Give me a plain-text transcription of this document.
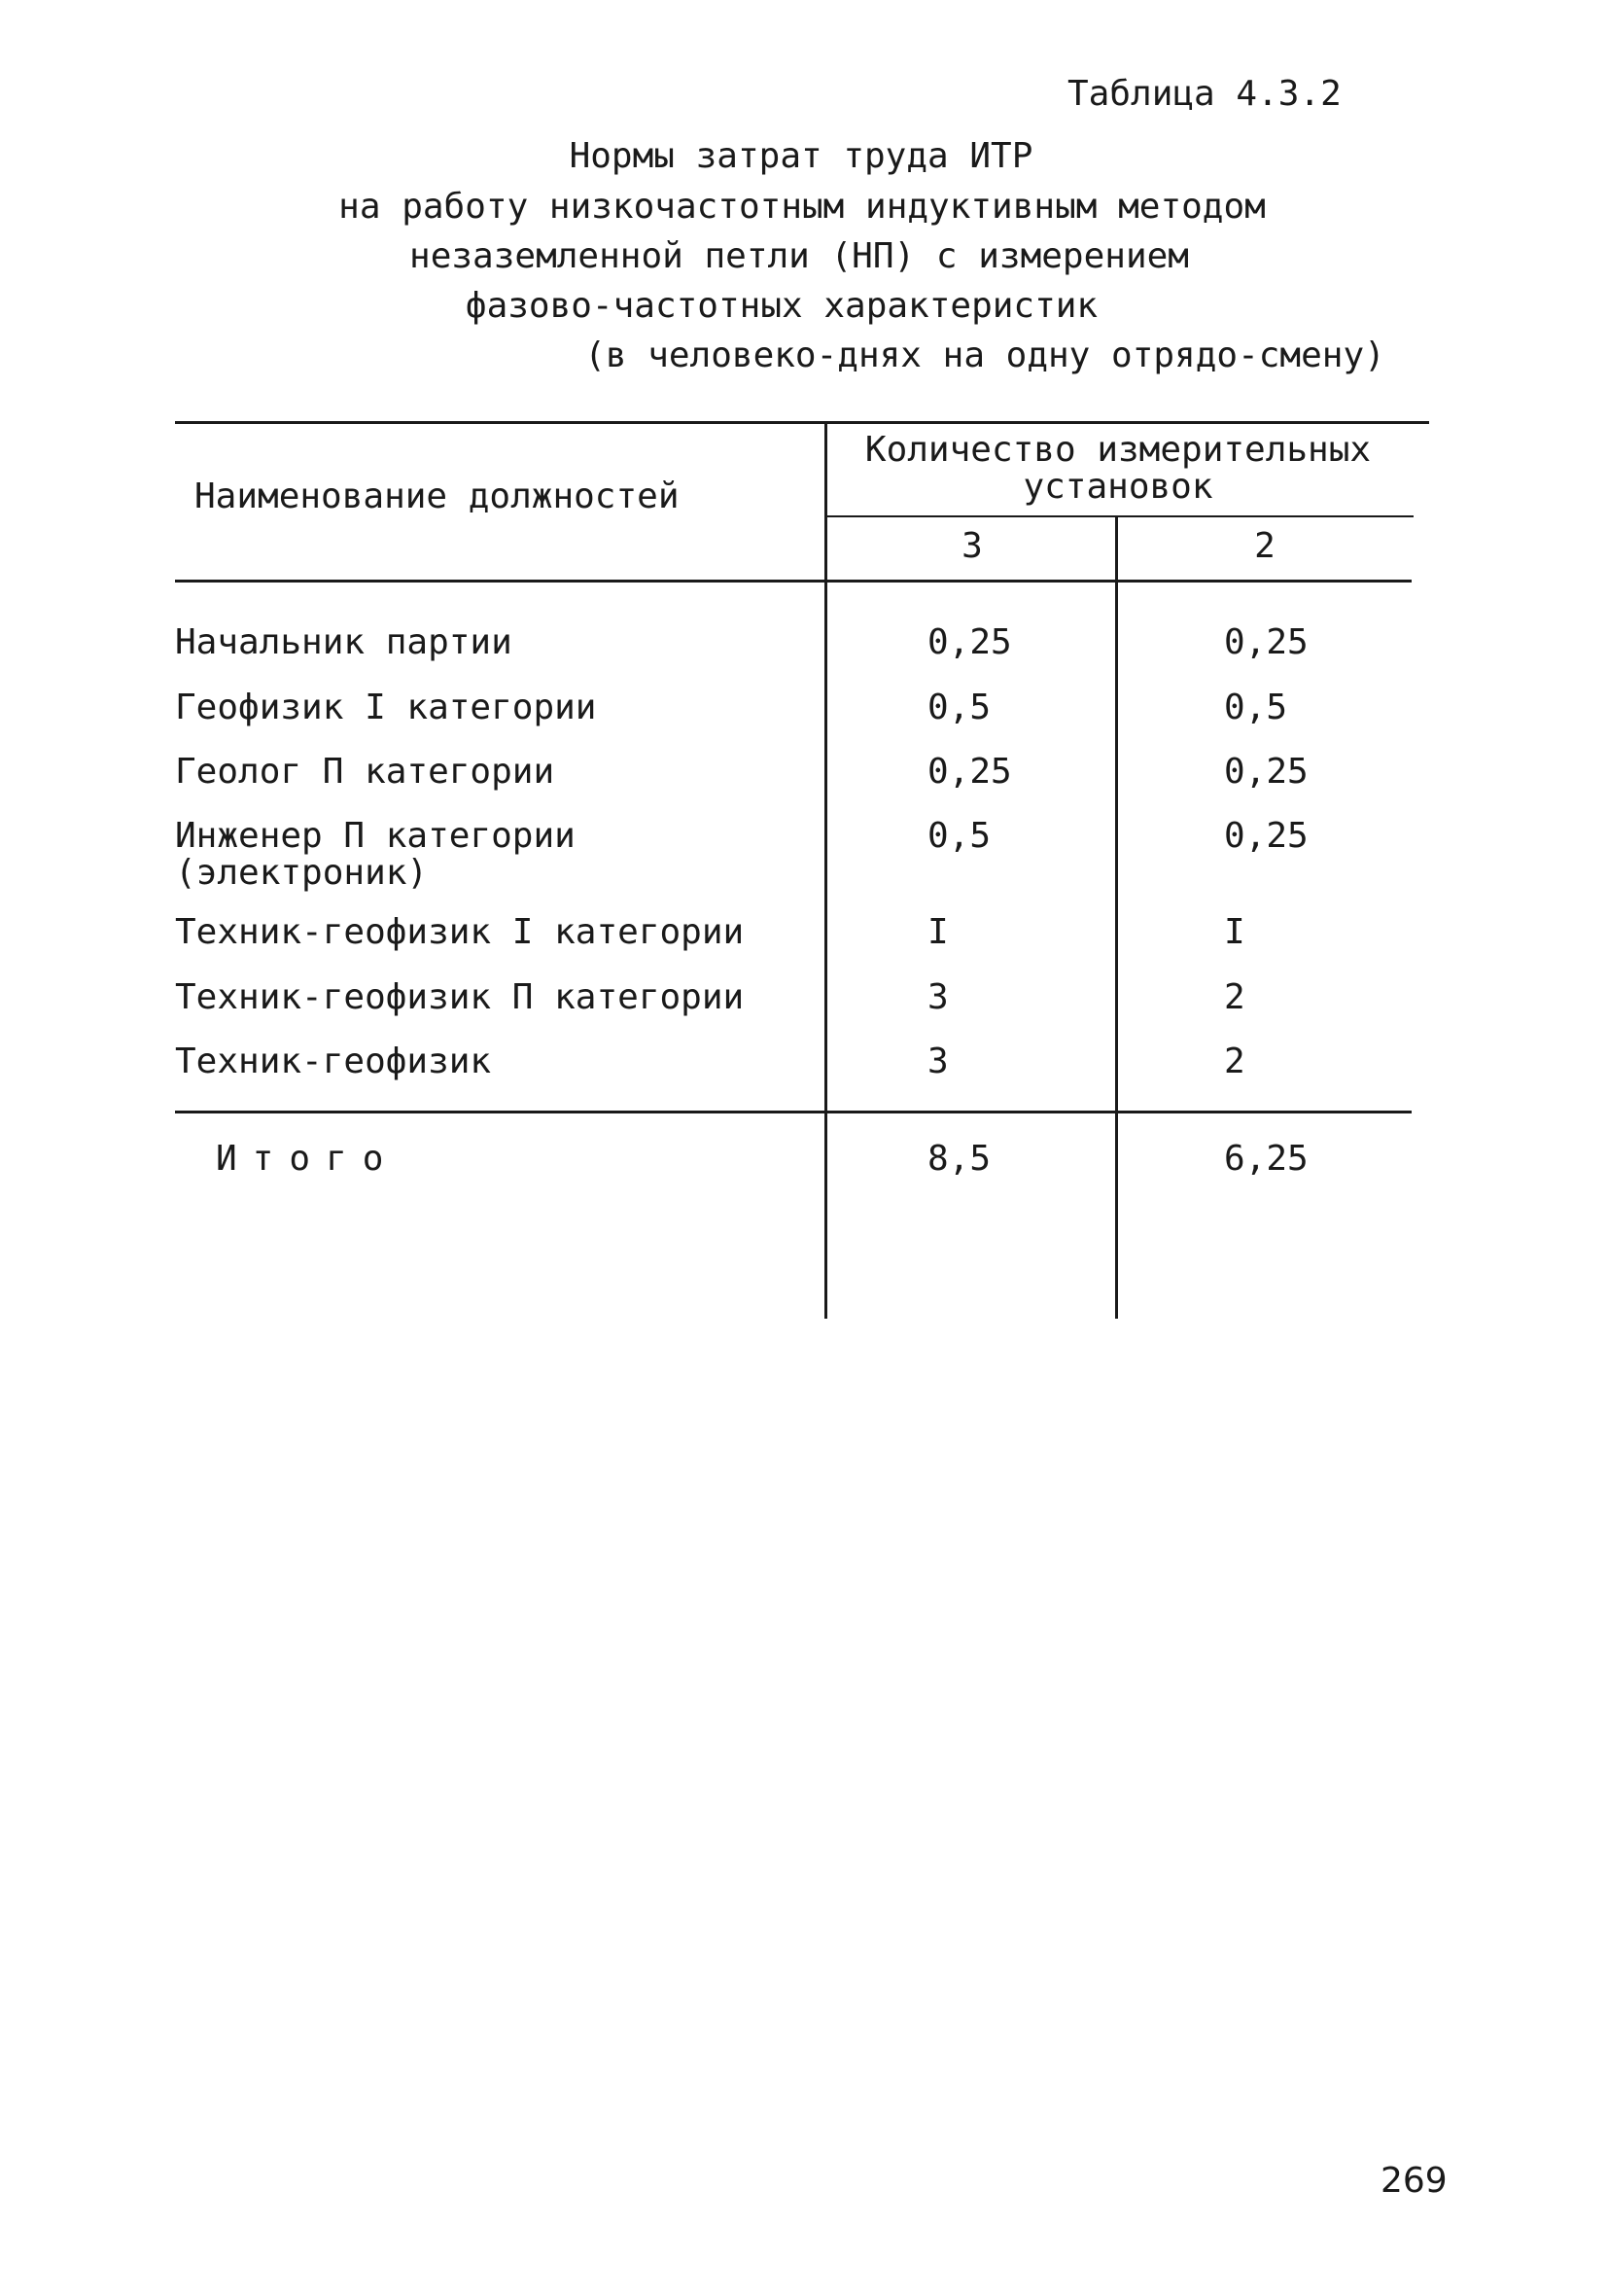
Таблица 4.3.2
Нормы затрат труда ИТР
на работу низкочастотным индуктивным методом
незаземленной петли (НП) с измерением
фазово-частотных характеристик
(в человеко-днях на одну отрядо-смену)
Наименование должностей
Количество измерительных
установок
3	2
Начальник партии	0,25	0,25
Геофизик I категории	0,5	0,5
Геолог П категории	0,25	0,25
Инженер П категории
(электроник)
0,5	0,25
Техник-геофизик I категории	I	I
Техник-геофизик П категории	3	2
Техник-геофизик	3	2
Итого	8,5	6,25
269
